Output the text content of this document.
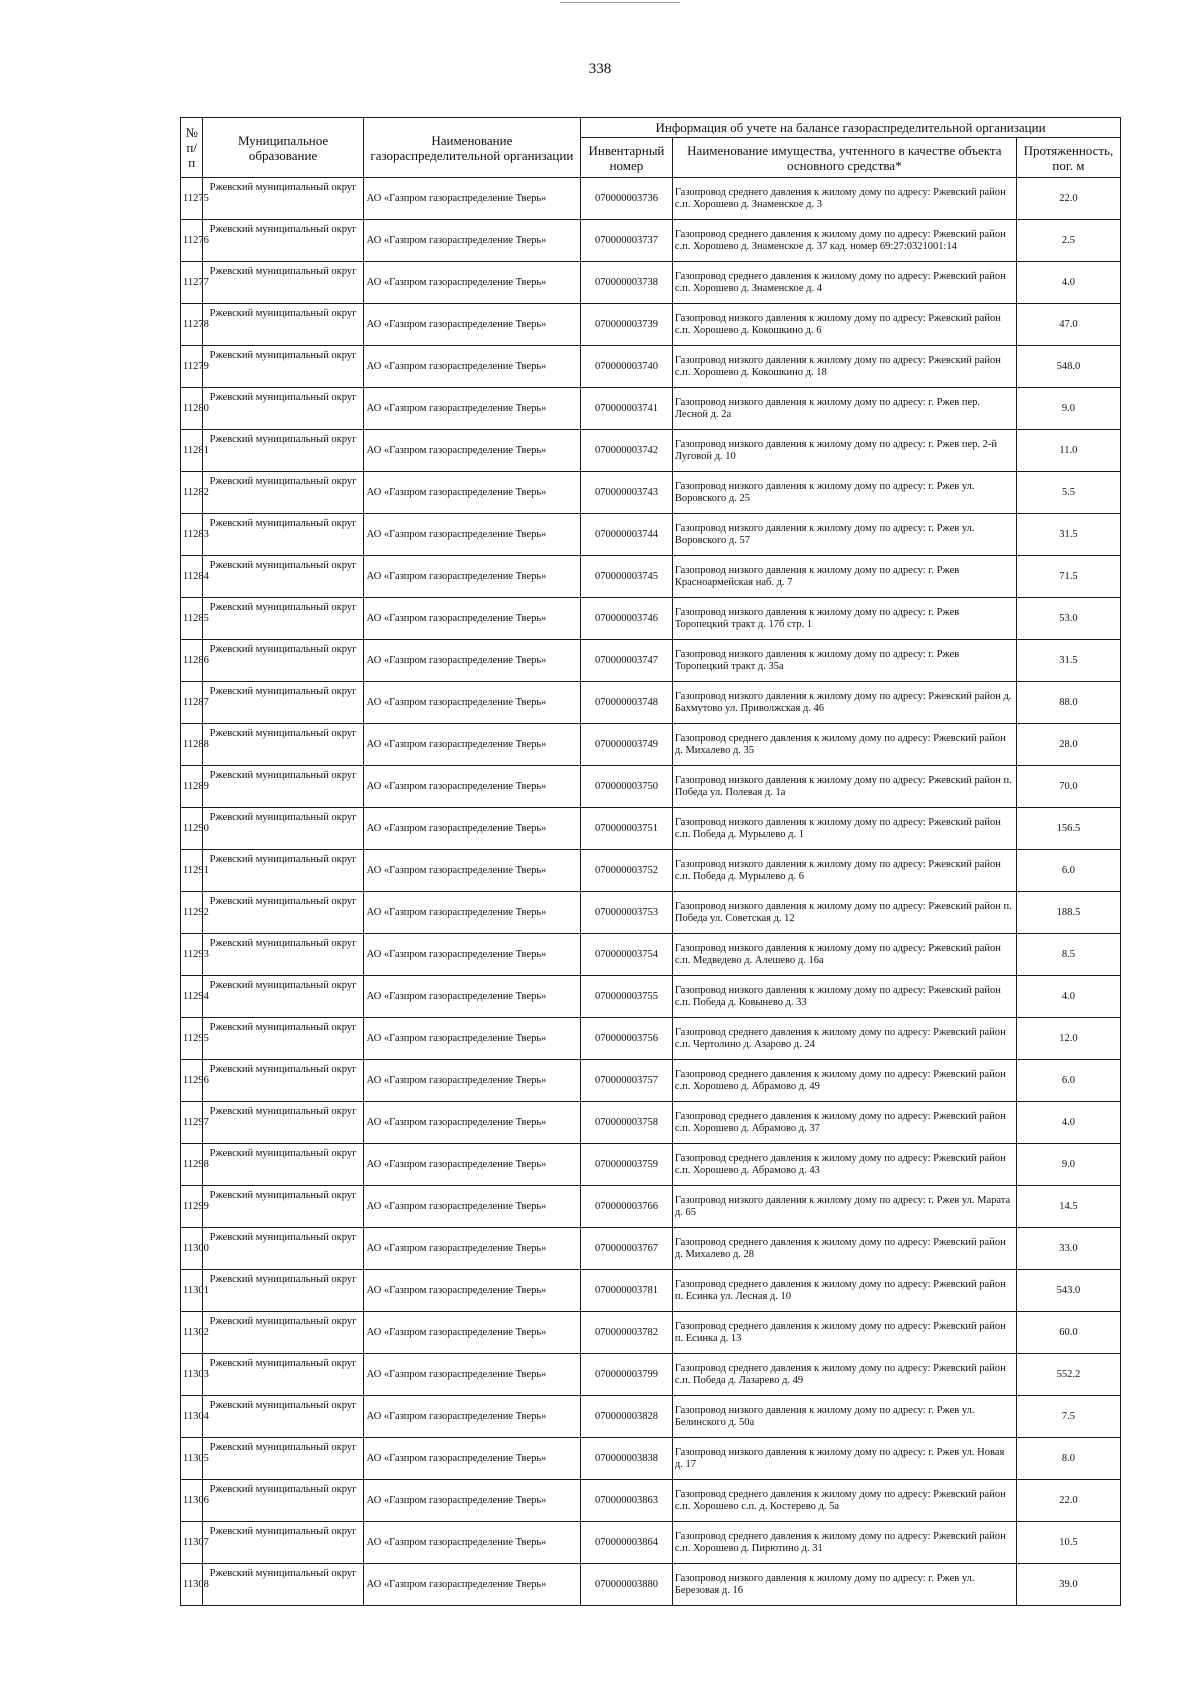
338
№ п/п	Муниципальное образование	Наименование газораспределительной организации	Информация об учете на балансе газораспределительной организации		
			Инвентарный номер	Наименование имущества, учтенного в качестве объекта основного средства*	Протяженность, пог. м
11275	Ржевский муниципальный округ	АО «Газпром газораспределение Тверь»	070000003736	Газопровод среднего давления к жилому дому по адресу: Ржевский район с.п. Хорошево д. Знаменское д. 3	22.0
11276	Ржевский муниципальный округ	АО «Газпром газораспределение Тверь»	070000003737	Газопровод среднего давления к жилому дому по адресу: Ржевский район с.п. Хорошево д. Знаменское д. 37 кад. номер 69:27:0321001:14	2.5
11277	Ржевский муниципальный округ	АО «Газпром газораспределение Тверь»	070000003738	Газопровод среднего давления к жилому дому по адресу: Ржевский район с.п. Хорошево д. Знаменское д. 4	4.0
11278	Ржевский муниципальный округ	АО «Газпром газораспределение Тверь»	070000003739	Газопровод низкого давления к жилому дому по адресу: Ржевский район с.п. Хорошево д. Кокошкино д. 6	47.0
11279	Ржевский муниципальный округ	АО «Газпром газораспределение Тверь»	070000003740	Газопровод низкого давления к жилому дому по адресу: Ржевский район с.п. Хорошево д. Кокошкино д. 18	548.0
11280	Ржевский муниципальный округ	АО «Газпром газораспределение Тверь»	070000003741	Газопровод низкого давления к жилому дому по адресу: г. Ржев пер. Лесной д. 2а	9.0
11281	Ржевский муниципальный округ	АО «Газпром газораспределение Тверь»	070000003742	Газопровод низкого давления к жилому дому по адресу: г. Ржев пер. 2-й Луговой д. 10	11.0
11282	Ржевский муниципальный округ	АО «Газпром газораспределение Тверь»	070000003743	Газопровод низкого давления к жилому дому по адресу: г. Ржев ул. Воровского д. 25	5.5
11283	Ржевский муниципальный округ	АО «Газпром газораспределение Тверь»	070000003744	Газопровод низкого давления к жилому дому по адресу: г. Ржев ул. Воровского д. 57	31.5
11284	Ржевский муниципальный округ	АО «Газпром газораспределение Тверь»	070000003745	Газопровод низкого давления к жилому дому по адресу: г. Ржев Красноармейская наб. д. 7	71.5
11285	Ржевский муниципальный округ	АО «Газпром газораспределение Тверь»	070000003746	Газопровод низкого давления к жилому дому по адресу: г. Ржев Торопецкий тракт д. 17б стр. 1	53.0
11286	Ржевский муниципальный округ	АО «Газпром газораспределение Тверь»	070000003747	Газопровод низкого давления к жилому дому по адресу: г. Ржев Торопецкий тракт д. 35а	31.5
11287	Ржевский муниципальный округ	АО «Газпром газораспределение Тверь»	070000003748	Газопровод низкого давления к жилому дому по адресу: Ржевский район д. Бахмутово ул. Приволжская д. 46	88.0
11288	Ржевский муниципальный округ	АО «Газпром газораспределение Тверь»	070000003749	Газопровод среднего давления к жилому дому по адресу: Ржевский район д. Михалево д. 35	28.0
11289	Ржевский муниципальный округ	АО «Газпром газораспределение Тверь»	070000003750	Газопровод низкого давления к жилому дому по адресу: Ржевский район п. Победа ул. Полевая д. 1а	70.0
11290	Ржевский муниципальный округ	АО «Газпром газораспределение Тверь»	070000003751	Газопровод низкого давления к жилому дому по адресу: Ржевский район с.п. Победа д. Мурылево д. 1	156.5
11291	Ржевский муниципальный округ	АО «Газпром газораспределение Тверь»	070000003752	Газопровод низкого давления к жилому дому по адресу: Ржевский район с.п. Победа д. Мурылево д. 6	6.0
11292	Ржевский муниципальный округ	АО «Газпром газораспределение Тверь»	070000003753	Газопровод низкого давления к жилому дому по адресу: Ржевский район п. Победа ул. Советская д. 12	188.5
11293	Ржевский муниципальный округ	АО «Газпром газораспределение Тверь»	070000003754	Газопровод низкого давления к жилому дому по адресу: Ржевский район с.п. Медведево д. Алешево д. 16а	8.5
11294	Ржевский муниципальный округ	АО «Газпром газораспределение Тверь»	070000003755	Газопровод низкого давления к жилому дому по адресу: Ржевский район с.п. Победа д. Ковынево д. 33	4.0
11295	Ржевский муниципальный округ	АО «Газпром газораспределение Тверь»	070000003756	Газопровод среднего давления к жилому дому по адресу: Ржевский район с.п. Чертолино д. Азарово д. 24	12.0
11296	Ржевский муниципальный округ	АО «Газпром газораспределение Тверь»	070000003757	Газопровод среднего давления к жилому дому по адресу: Ржевский район с.п. Хорошево д. Абрамово д. 49	6.0
11297	Ржевский муниципальный округ	АО «Газпром газораспределение Тверь»	070000003758	Газопровод среднего давления к жилому дому по адресу: Ржевский район с.п. Хорошево д. Абрамово д. 37	4.0
11298	Ржевский муниципальный округ	АО «Газпром газораспределение Тверь»	070000003759	Газопровод среднего давления к жилому дому по адресу: Ржевский район с.п. Хорошево д. Абрамово д. 43	9.0
11299	Ржевский муниципальный округ	АО «Газпром газораспределение Тверь»	070000003766	Газопровод низкого давления к жилому дому по адресу: г. Ржев ул. Марата д. 65	14.5
11300	Ржевский муниципальный округ	АО «Газпром газораспределение Тверь»	070000003767	Газопровод среднего давления к жилому дому по адресу: Ржевский район д. Михалево д. 28	33.0
11301	Ржевский муниципальный округ	АО «Газпром газораспределение Тверь»	070000003781	Газопровод среднего давления к жилому дому по адресу: Ржевский район п. Есинка ул. Лесная д. 10	543.0
11302	Ржевский муниципальный округ	АО «Газпром газораспределение Тверь»	070000003782	Газопровод среднего давления к жилому дому по адресу: Ржевский район п. Есинка д. 13	60.0
11303	Ржевский муниципальный округ	АО «Газпром газораспределение Тверь»	070000003799	Газопровод среднего давления к жилому дому по адресу: Ржевский район с.п. Победа д. Лазарево д. 49	552.2
11304	Ржевский муниципальный округ	АО «Газпром газораспределение Тверь»	070000003828	Газопровод низкого давления к жилому дому по адресу: г. Ржев ул. Белинского д. 50а	7.5
11305	Ржевский муниципальный округ	АО «Газпром газораспределение Тверь»	070000003838	Газопровод низкого давления к жилому дому по адресу: г. Ржев ул. Новая д. 17	8.0
11306	Ржевский муниципальный округ	АО «Газпром газораспределение Тверь»	070000003863	Газопровод среднего давления к жилому дому по адресу: Ржевский район с.п. Хорошево с.п. д. Костерево д. 5а	22.0
11307	Ржевский муниципальный округ	АО «Газпром газораспределение Тверь»	070000003864	Газопровод среднего давления к жилому дому по адресу: Ржевский район с.п. Хорошево д. Пирютино д. 31	10.5
11308	Ржевский муниципальный округ	АО «Газпром газораспределение Тверь»	070000003880	Газопровод низкого давления к жилому дому по адресу: г. Ржев ул. Березовая д. 16	39.0
